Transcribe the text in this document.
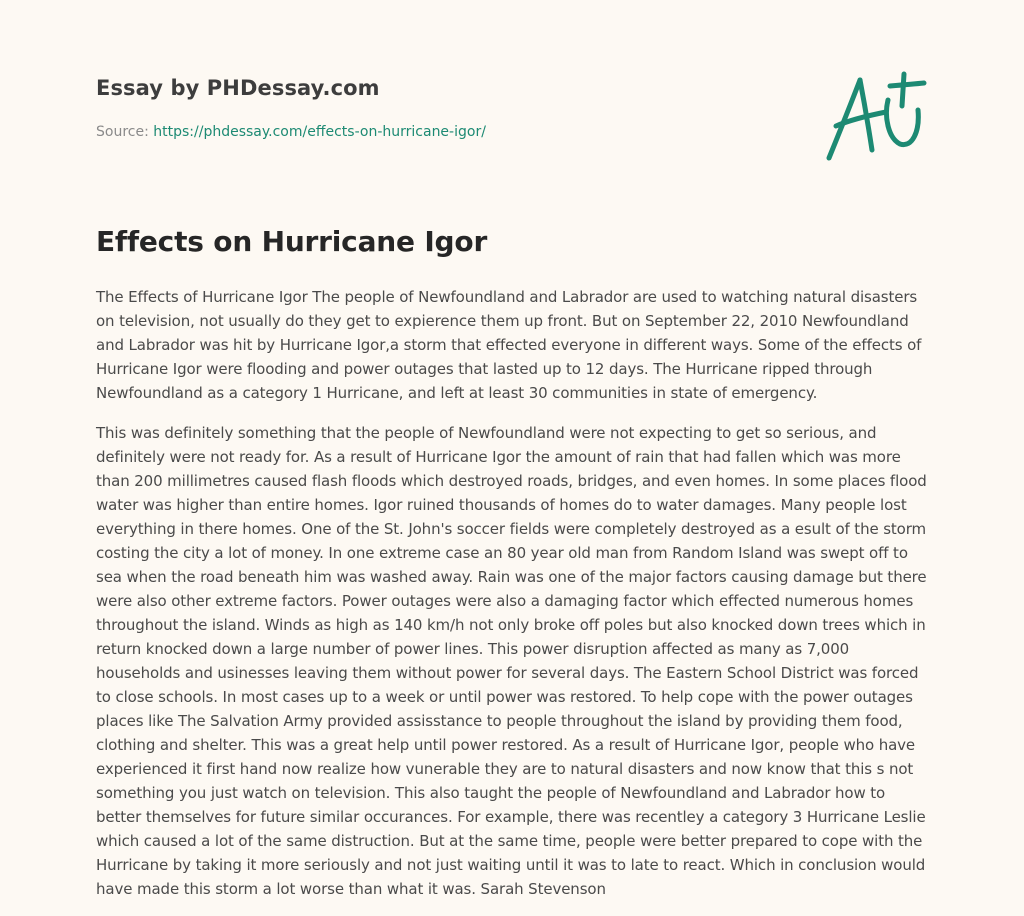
Essay by PHDessay.com
Source: https://phdessay.com/effects-on-hurricane-igor/
Effects on Hurricane Igor

The Effects of Hurricane Igor The people of Newfoundland and Labrador are used to watching natural disasters on television, not usually do they get to expierence them up front. But on September 22, 2010 Newfoundland and Labrador was hit by Hurricane Igor,a storm that effected everyone in different ways. Some of the effects of Hurricane Igor were flooding and power outages that lasted up to 12 days. The Hurricane ripped through Newfoundland as a category 1 Hurricane, and left at least 30 communities in state of emergency.

This was definitely something that the people of Newfoundland were not expecting to get so serious, and definitely were not ready for. As a result of Hurricane Igor the amount of rain that had fallen which was more than 200 millimetres caused flash floods which destroyed roads, bridges, and even homes. In some places flood water was higher than entire homes. Igor ruined thousands of homes do to water damages. Many people lost everything in there homes. One of the St. John's soccer fields were completely destroyed as a esult of the storm costing the city a lot of money. In one extreme case an 80 year old man from Random Island was swept off to sea when the road beneath him was washed away. Rain was one of the major factors causing damage but there were also other extreme factors. Power outages were also a damaging factor which effected numerous homes throughout the island. Winds as high as 140 km/h not only broke off poles but also knocked down trees which in return knocked down a large number of power lines. This power disruption affected as many as 7,000 households and usinesses leaving them without power for several days. The Eastern School District was forced to close schools. In most cases up to a week or until power was restored. To help cope with the power outages places like The Salvation Army provided assisstance to people throughout the island by providing them food, clothing and shelter. This was a great help until power restored. As a result of Hurricane Igor, people who have experienced it first hand now realize how vunerable they are to natural disasters and now know that this s not something you just watch on television. This also taught the people of Newfoundland and Labrador how to better themselves for future similar occurances. For example, there was recentley a category 3 Hurricane Leslie which caused a lot of the same distruction. But at the same time, people were better prepared to cope with the Hurricane by taking it more seriously and not just waiting until it was to late to react. Which in conclusion would have made this storm a lot worse than what it was. Sarah Stevenson
